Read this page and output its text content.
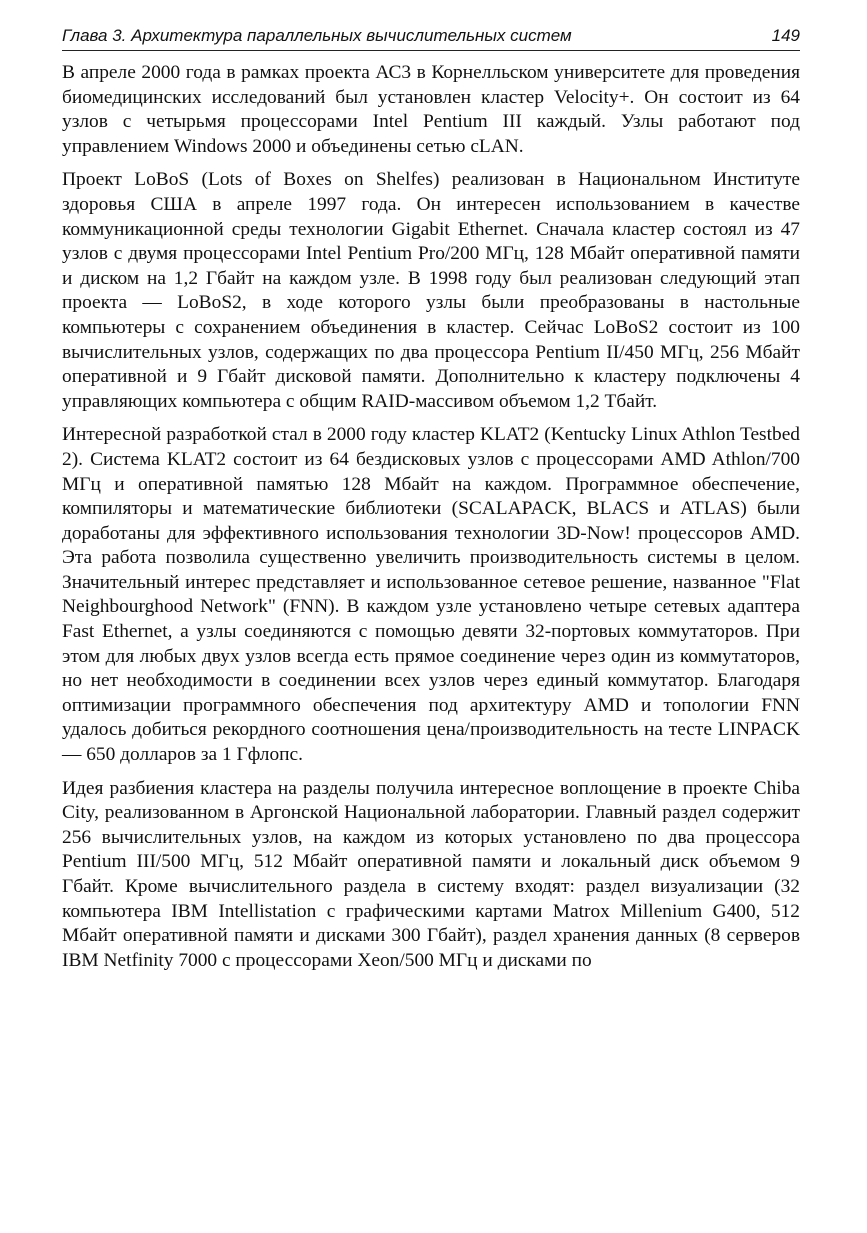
Глава 3. Архитектура параллельных вычислительных систем	149

В апреле 2000 года в рамках проекта АС3 в Корнелльском университете для проведения биомедицинских исследований был установлен кластер Velocity+. Он состоит из 64 узлов с четырьмя процессорами Intel Pentium III каждый. Узлы работают под управлением Windows 2000 и объединены сетью cLAN.

Проект LoBoS (Lots of Boxes on Shelfes) реализован в Национальном Институте здоровья США в апреле 1997 года. Он интересен использованием в качестве коммуникационной среды технологии Gigabit Ethernet. Сначала кластер состоял из 47 узлов с двумя процессорами Intel Pentium Pro/200 МГц, 128 Мбайт оперативной памяти и диском на 1,2 Гбайт на каждом узле. В 1998 году был реализован следующий этап проекта — LoBoS2, в ходе которого узлы были преобразованы в настольные компьютеры с сохранением объединения в кластер. Сейчас LoBoS2 состоит из 100 вычислительных узлов, содержащих по два процессора Pentium II/450 МГц, 256 Мбайт оперативной и 9 Гбайт дисковой памяти. Дополнительно к кластеру подключены 4 управляющих компьютера с общим RAID-массивом объемом 1,2 Тбайт.

Интересной разработкой стал в 2000 году кластер KLAT2 (Kentucky Linux Athlon Testbed 2). Система KLAT2 состоит из 64 бездисковых узлов с процессорами AMD Athlon/700 МГц и оперативной памятью 128 Мбайт на каждом. Программное обеспечение, компиляторы и математические библиотеки (SCALAPACK, BLACS и ATLAS) были доработаны для эффективного использования технологии 3D-Now! процессоров AMD. Эта работа позволила существенно увеличить производительность системы в целом. Значительный интерес представляет и использованное сетевое решение, названное "Flat Neighbourghood Network" (FNN). В каждом узле установлено четыре сетевых адаптера Fast Ethernet, а узлы соединяются с помощью девяти 32-портовых коммутаторов. При этом для любых двух узлов всегда есть прямое соединение через один из коммутаторов, но нет необходимости в соединении всех узлов через единый коммутатор. Благодаря оптимизации программного обеспечения под архитектуру AMD и топологии FNN удалось добиться рекордного соотношения цена/производительность на тесте LINPACK — 650 долларов за 1 Гфлопс.

Идея разбиения кластера на разделы получила интересное воплощение в проекте Chiba City, реализованном в Аргонской Национальной лаборатории. Главный раздел содержит 256 вычислительных узлов, на каждом из которых установлено по два процессора Pentium III/500 МГц, 512 Мбайт оперативной памяти и локальный диск объемом 9 Гбайт. Кроме вычислительного раздела в систему входят: раздел визуализации (32 компьютера IBM Intellistation с графическими картами Matrox Millenium G400, 512 Мбайт оперативной памяти и дисками 300 Гбайт), раздел хранения данных (8 серверов IBM Netfinity 7000 с процессорами Xeon/500 МГц и дисками по
